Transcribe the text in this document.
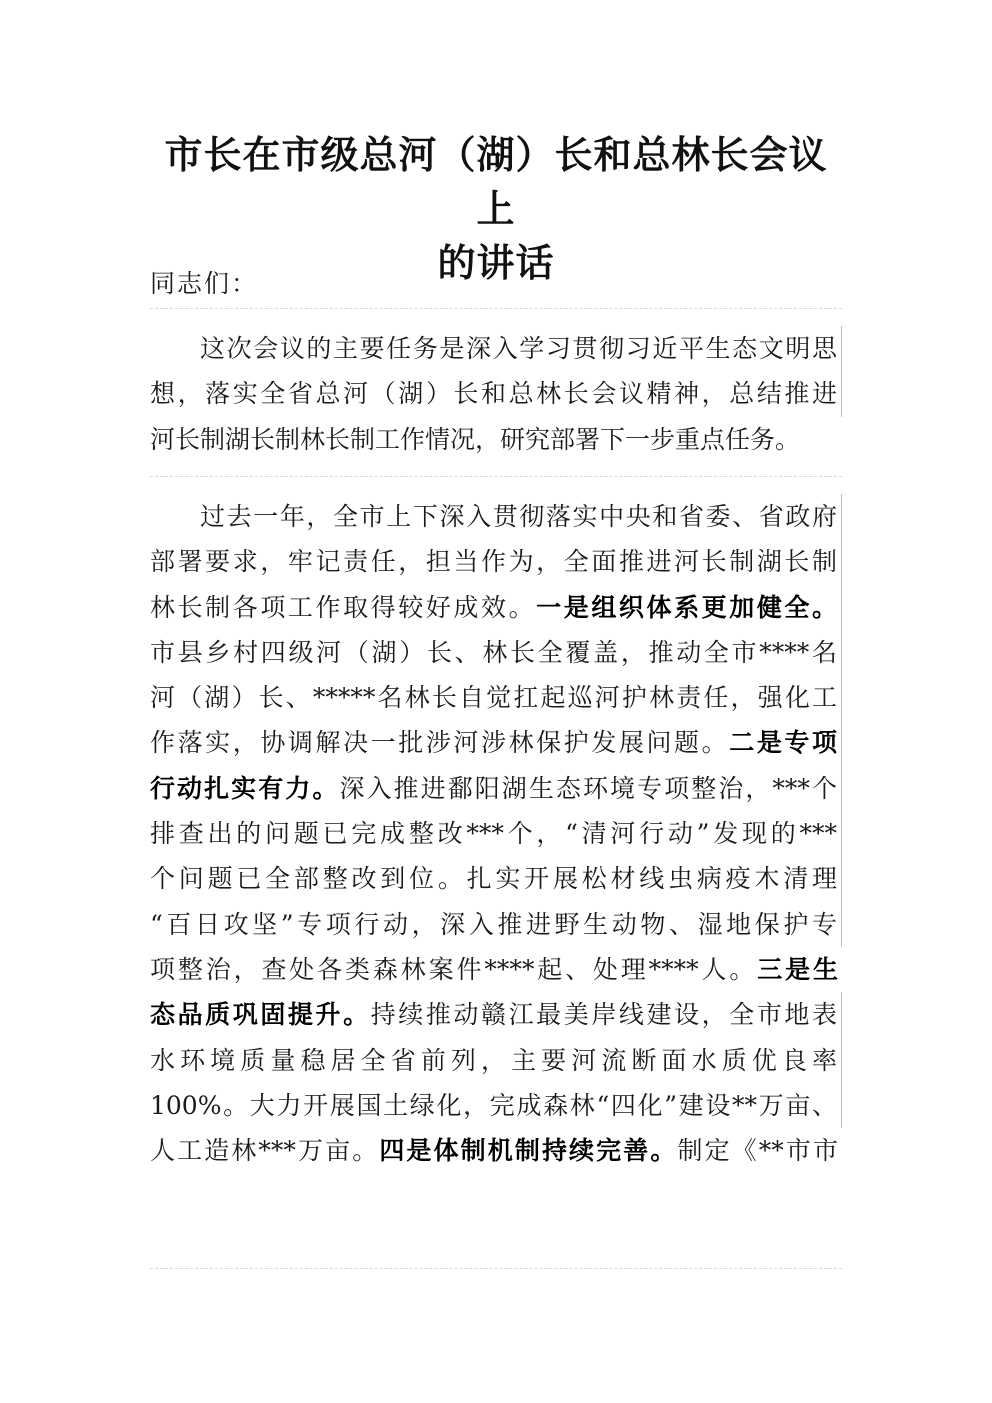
市长在市级总河（湖）长和总林长会议上
的讲话
同志们：
这次会议的主要任务是深入学习贯彻习近平生态文明思
想，落实全省总河（湖）长和总林长会议精神，总结推进
河长制湖长制林长制工作情况，研究部署下一步重点任务。
过去一年，全市上下深入贯彻落实中央和省委、省政府
部署要求，牢记责任，担当作为，全面推进河长制湖长制
林长制各项工作取得较好成效。一是组织体系更加健全。
市县乡村四级河（湖）长、林长全覆盖，推动全市****名
河（湖）长、*****名林长自觉扛起巡河护林责任，强化工
作落实，协调解决一批涉河涉林保护发展问题。二是专项
行动扎实有力。深入推进鄱阳湖生态环境专项整治，***个
排查出的问题已完成整改***个，“清河行动”发现的***
个问题已全部整改到位。扎实开展松材线虫病疫木清理
“百日攻坚”专项行动，深入推进野生动物、湿地保护专
项整治，查处各类森林案件****起、处理****人。三是生
态品质巩固提升。持续推动赣江最美岸线建设，全市地表
水环境质量稳居全省前列，主要河流断面水质优良率
100%。大力开展国土绿化，完成森林“四化”建设**万亩、
人工造林***万亩。四是体制机制持续完善。制定《**市市
